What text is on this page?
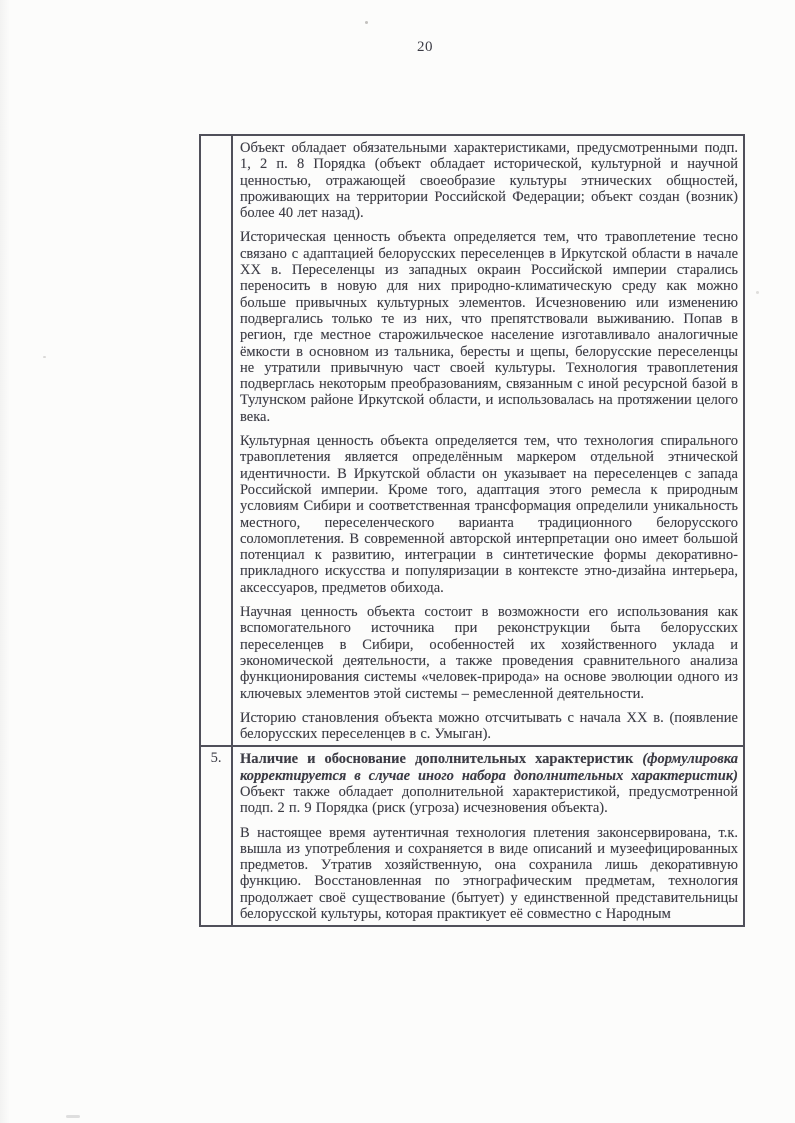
20

	Объект обладает обязательными характеристиками, предусмотренными подп. 1, 2 п. 8 Порядка (объект обладает исторической, культурной и научной ценностью, отражающей своеобразие культуры этнических общностей, проживающих на территории Российской Федерации; объект создан (возник) более 40 лет назад).

Историческая ценность объекта определяется тем, что травоплетение тесно связано с адаптацией белорусских переселенцев в Иркутской области в начале XX в. Переселенцы из западных окраин Российской империи старались переносить в новую для них природно-климатическую среду как можно больше привычных культурных элементов. Исчезновению или изменению подвергались только те из них, что препятствовали выживанию. Попав в регион, где местное старожильческое население изготавливало аналогичные ёмкости в основном из тальника, бересты и щепы, белорусские переселенцы не утратили привычную част своей культуры. Технология травоплетения подверглась некоторым преобразованиям, связанным с иной ресурсной базой в Тулунском районе Иркутской области, и использовалась на протяжении целого века.

Культурная ценность объекта определяется тем, что технология спирального травоплетения является определённым маркером отдельной этнической идентичности. В Иркутской области он указывает на переселенцев с запада Российской империи. Кроме того, адаптация этого ремесла к природным условиям Сибири и соответственная трансформация определили уникальность местного, переселенческого варианта традиционного белорусского соломоплетения. В современной авторской интерпретации оно имеет большой потенциал к развитию, интеграции в синтетические формы декоративно-прикладного искусства и популяризации в контексте этно-дизайна интерьера, аксессуаров, предметов обихода.

Научная ценность объекта состоит в возможности его использования как вспомогательного источника при реконструкции быта белорусских переселенцев в Сибири, особенностей их хозяйственного уклада и экономической деятельности, а также проведения сравнительного анализа функционирования системы «человек-природа» на основе эволюции одного из ключевых элементов этой системы – ремесленной деятельности.

Историю становления объекта можно отсчитывать с начала XX в. (появление белорусских переселенцев в с. Умыган).

5.	Наличие и обоснование дополнительных характеристик (формулировка корректируется в случае иного набора дополнительных характеристик) Объект также обладает дополнительной характеристикой, предусмотренной подп. 2 п. 9 Порядка (риск (угроза) исчезновения объекта).

В настоящее время аутентичная технология плетения законсервирована, т.к. вышла из употребления и сохраняется в виде описаний и музеефицированных предметов. Утратив хозяйственную, она сохранила лишь декоративную функцию. Восстановленная по этнографическим предметам, технология продолжает своё существование (бытует) у единственной представительницы белорусской культуры, которая практикует её совместно с Народным
